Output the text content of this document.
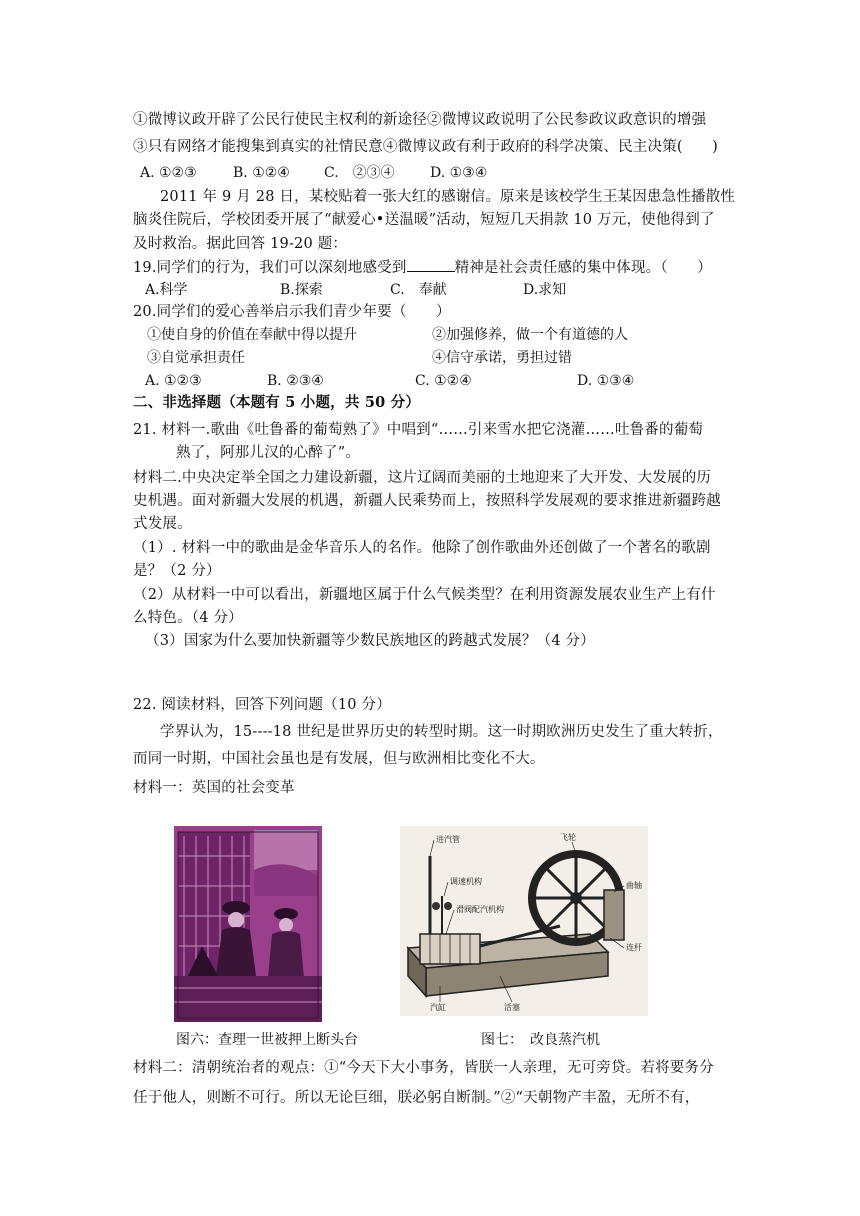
①微博议政开辟了公民行使民主权利的新途径②微博议政说明了公民参政议政意识的增强
③只有网络才能搜集到真实的社情民意④微博议政有利于政府的科学决策、民主决策(　　)
A. ①②③	B. ①②④ C.　②③④	D. ①③④
2011 年 9 月 28 日，某校贴着一张大红的感谢信。原来是该校学生王某因患急性播散性
脑炎住院后，学校团委开展了“献爱心•送温暖”活动，短短几天捐款 10 万元，使他得到了
及时救治。据此回答 19-20 题：
19.同学们的行为，我们可以深刻地感受到	精神是社会责任感的集中体现。（　　）
A.科学	B.探索	C.　奉献	D.求知
20.同学们的爱心善举启示我们青少年要（　　）
①使自身的价值在奉献中得以提升	②加强修养，做一个有道德的人
③自觉承担责任	④信守承诺，勇担过错
A. ①②③	B. ②③④	C. ①②④	D. ①③④
二、非选择题（本题有 5 小题，共 50 分）
21. 材料一.歌曲《吐鲁番的葡萄熟了》中唱到“……引来雪水把它浇灌……吐鲁番的葡萄
熟了，阿那儿汉的心醉了”。
材料二.中央决定举全国之力建设新疆，这片辽阔而美丽的土地迎来了大开发、大发展的历
史机遇。面对新疆大发展的机遇，新疆人民乘势而上，按照科学发展观的要求推进新疆跨越
式发展。
（1）. 材料一中的歌曲是金华音乐人的名作。他除了创作歌曲外还创做了一个著名的歌剧
是？（2 分）
（2）从材料一中可以看出，新疆地区属于什么气候类型？在利用资源发展农业生产上有什
么特色。（4 分）
（3）国家为什么要加快新疆等少数民族地区的跨越式发展？（4 分）
22. 阅读材料，回答下列问题（10 分）
学界认为，15----18 世纪是世界历史的转型时期。这一时期欧洲历史发生了重大转折，
而同一时期，中国社会虽也是有发展，但与欧洲相比变化不大。
材料一：英国的社会变革
进汽管	飞轮
调速机构	曲轴
滑阀配汽机构
连杆
汽缸	活塞
图六：查理一世被押上断头台	图七：　改良蒸汽机
材料二：清朝统治者的观点：①“今天下大小事务，皆朕一人亲理，无可旁贷。若将要务分
任于他人，则断不可行。所以无论巨细，朕必躬自断制。”②“天朝物产丰盈，无所不有，
